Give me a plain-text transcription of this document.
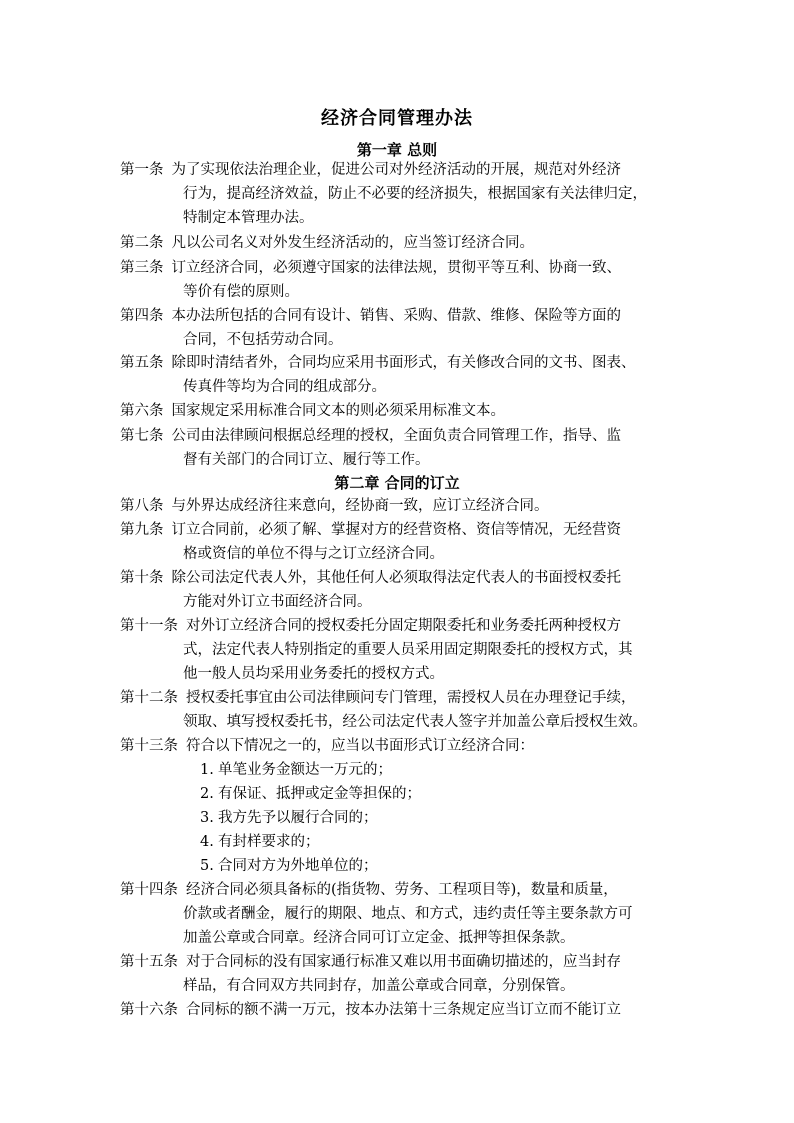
经济合同管理办法
第一章 总则
第一条 为了实现依法治理企业，促进公司对外经济活动的开展，规范对外经济
行为，提高经济效益，防止不必要的经济损失，根据国家有关法律归定，
特制定本管理办法。
第二条 凡以公司名义对外发生经济活动的，应当签订经济合同。
第三条 订立经济合同，必须遵守国家的法律法规，贯彻平等互利、协商一致、
等价有偿的原则。
第四条 本办法所包括的合同有设计、销售、采购、借款、维修、保险等方面的
合同，不包括劳动合同。
第五条 除即时清结者外，合同均应采用书面形式，有关修改合同的文书、图表、
传真件等均为合同的组成部分。
第六条 国家规定采用标准合同文本的则必须采用标准文本。
第七条 公司由法律顾问根据总经理的授权，全面负责合同管理工作，指导、监
督有关部门的合同订立、履行等工作。
第二章 合同的订立
第八条 与外界达成经济往来意向，经协商一致，应订立经济合同。
第九条 订立合同前，必须了解、掌握对方的经营资格、资信等情况，无经营资
格或资信的单位不得与之订立经济合同。
第十条 除公司法定代表人外，其他任何人必须取得法定代表人的书面授权委托
方能对外订立书面经济合同。
第十一条 对外订立经济合同的授权委托分固定期限委托和业务委托两种授权方
式，法定代表人特别指定的重要人员采用固定期限委托的授权方式，其
他一般人员均采用业务委托的授权方式。
第十二条 授权委托事宜由公司法律顾问专门管理，需授权人员在办理登记手续，
领取、填写授权委托书，经公司法定代表人签字并加盖公章后授权生效。
第十三条 符合以下情况之一的，应当以书面形式订立经济合同：
1. 单笔业务金额达一万元的；
2. 有保证、抵押或定金等担保的；
3. 我方先予以履行合同的；
4. 有封样要求的；
5. 合同对方为外地单位的；
第十四条 经济合同必须具备标的(指货物、劳务、工程项目等)，数量和质量，
价款或者酬金，履行的期限、地点、和方式，违约责任等主要条款方可
加盖公章或合同章。经济合同可订立定金、抵押等担保条款。
第十五条 对于合同标的没有国家通行标准又难以用书面确切描述的，应当封存
样品，有合同双方共同封存，加盖公章或合同章，分别保管。
第十六条 合同标的额不满一万元，按本办法第十三条规定应当订立而不能订立
